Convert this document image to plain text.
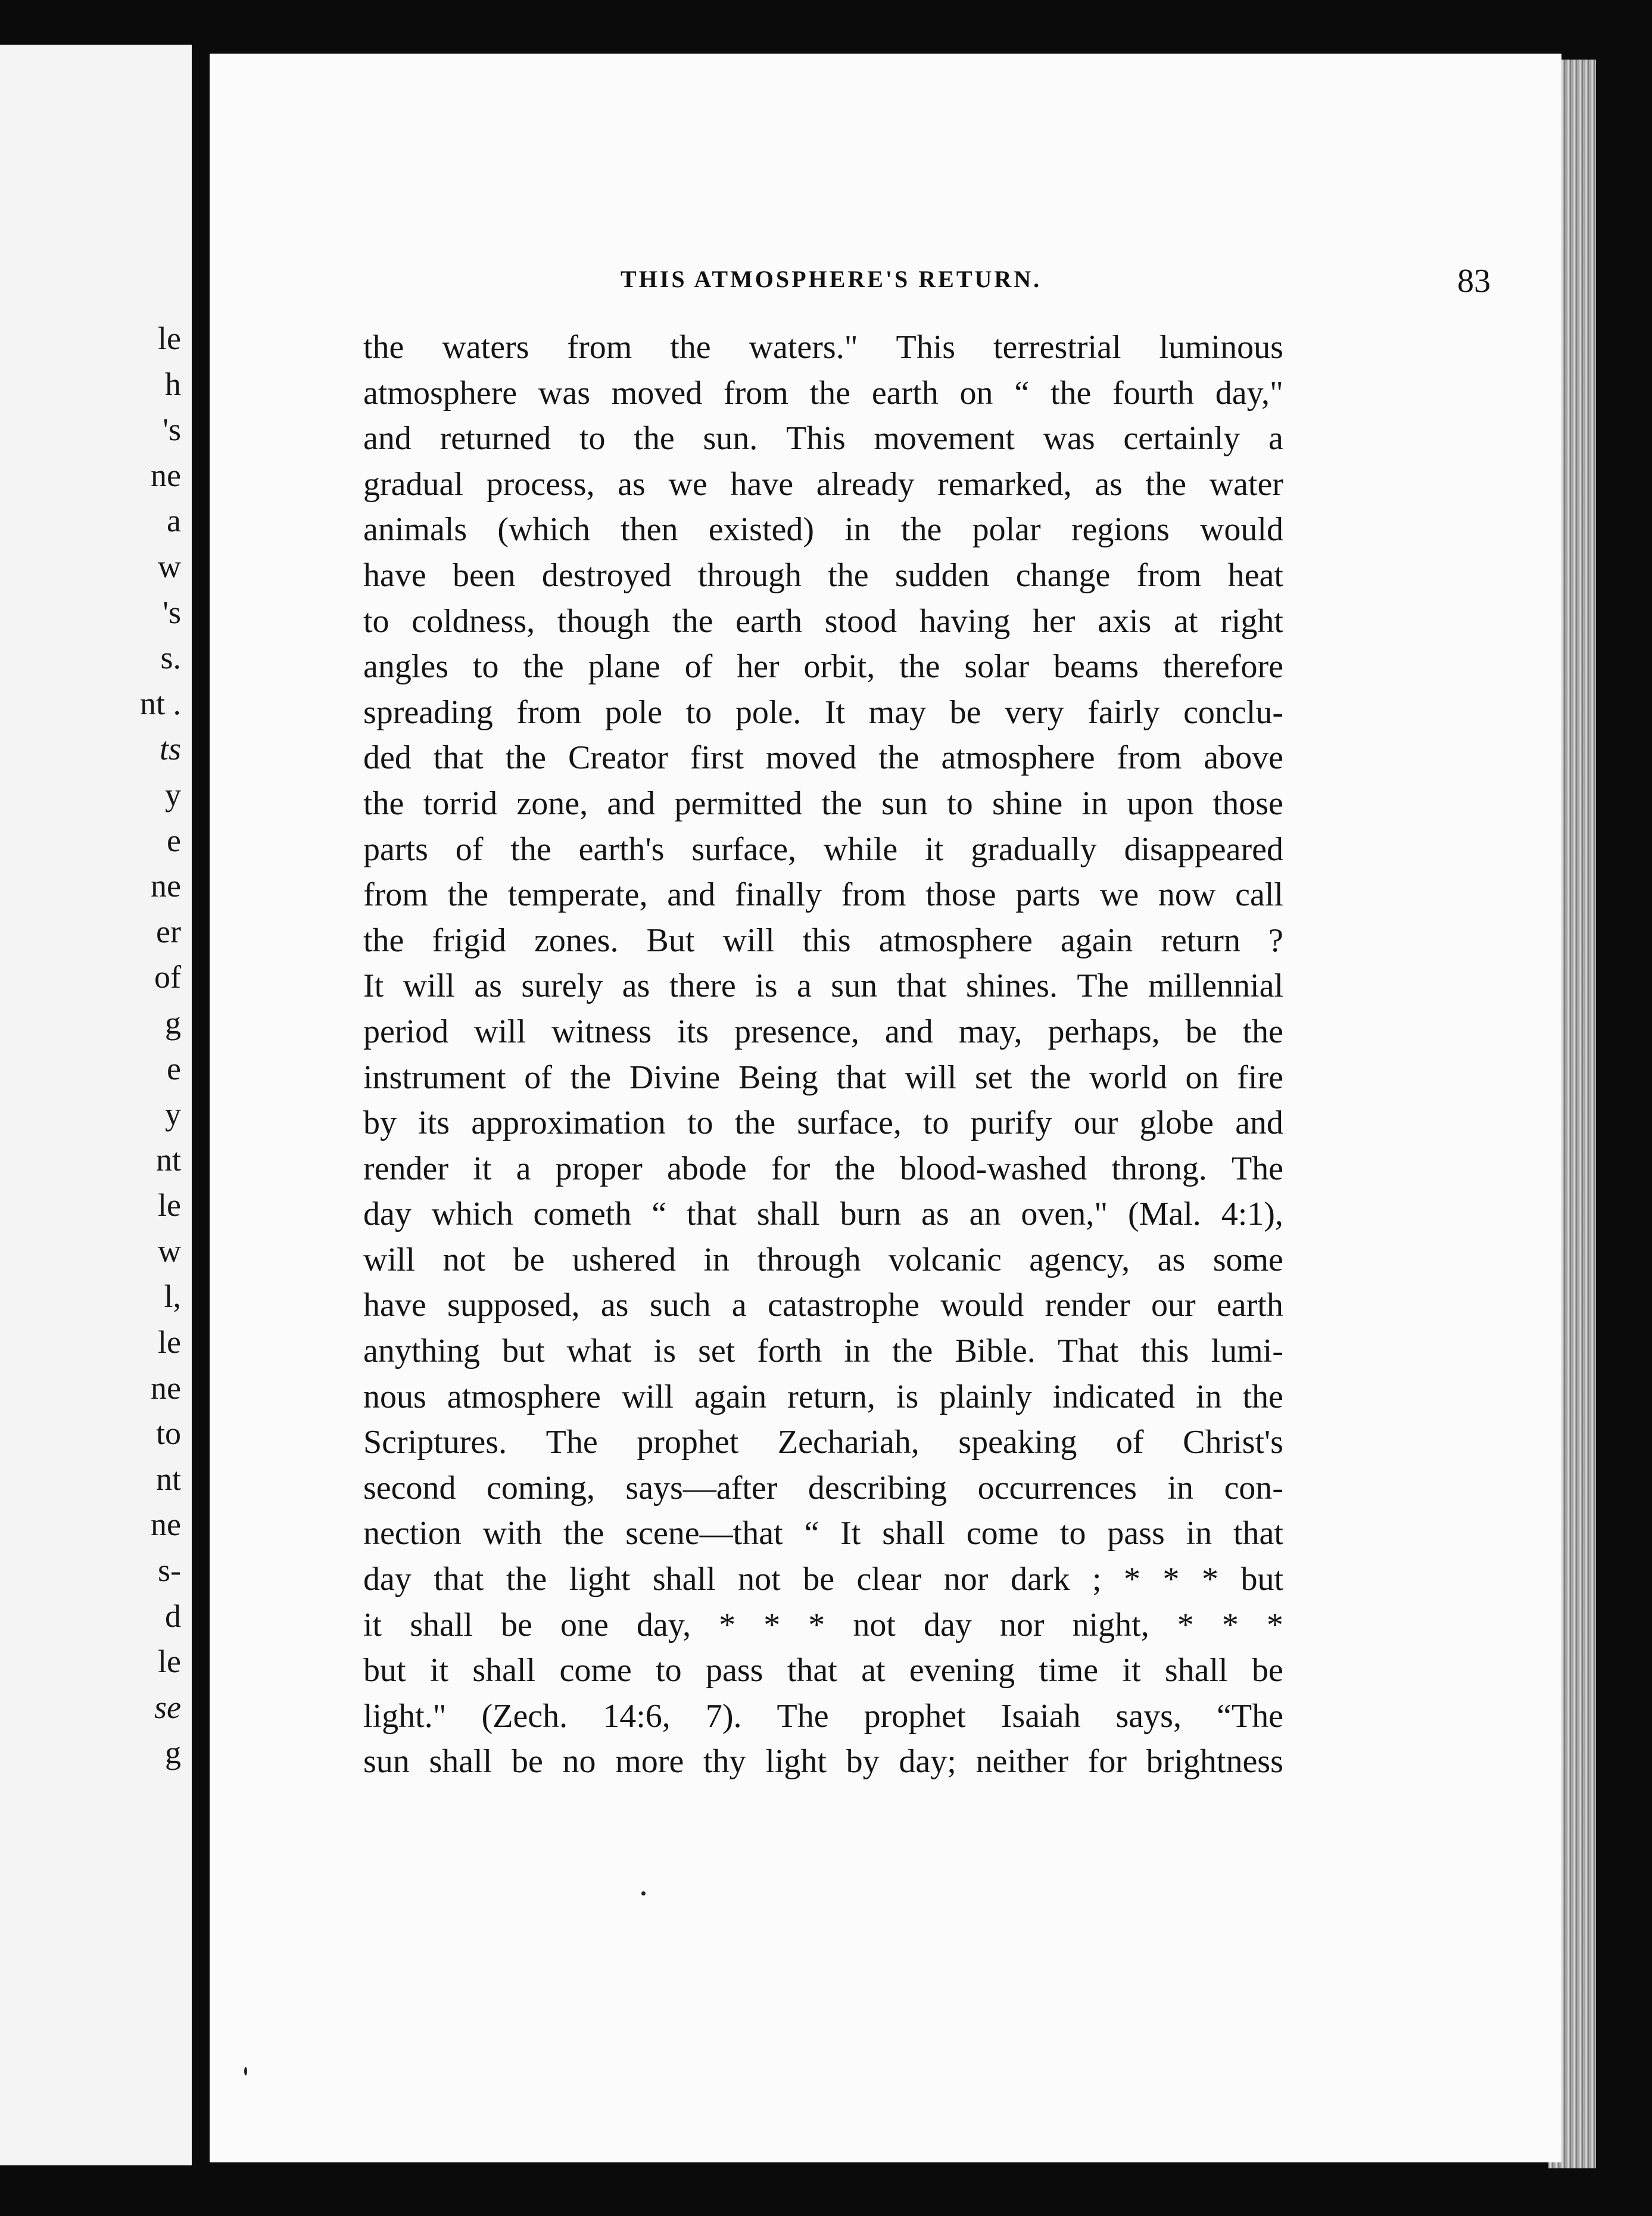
le
h
's
ne
a
w
's
s.
nt .
ts
y
e
ne
er
of
g
e
y
nt
le
w
l,
le
ne
to
nt
ne
s-
d
le
se
g
THIS ATMOSPHERE'S RETURN.	83
the waters from the waters." This terrestrial luminous
atmosphere was moved from the earth on “ the fourth day,"
and returned to the sun. This movement was certainly a
gradual process, as we have already remarked, as the water
animals (which then existed) in the polar regions would
have been destroyed through the sudden change from heat
to coldness, though the earth stood having her axis at right
angles to the plane of her orbit, the solar beams therefore
spreading from pole to pole. It may be very fairly conclu-
ded that the Creator first moved the atmosphere from above
the torrid zone, and permitted the sun to shine in upon those
parts of the earth's surface, while it gradually disappeared
from the temperate, and finally from those parts we now call
the frigid zones. But will this atmosphere again return ?
It will as surely as there is a sun that shines. The millennial
period will witness its presence, and may, perhaps, be the
instrument of the Divine Being that will set the world on fire
by its approximation to the surface, to purify our globe and
render it a proper abode for the blood-washed throng. The
day which cometh “ that shall burn as an oven," (Mal. 4:1),
will not be ushered in through volcanic agency, as some
have supposed, as such a catastrophe would render our earth
anything but what is set forth in the Bible. That this lumi-
nous atmosphere will again return, is plainly indicated in the
Scriptures. The prophet Zechariah, speaking of Christ's
second coming, says—after describing occurrences in con-
nection with the scene—that “ It shall come to pass in that
day that the light shall not be clear nor dark ; * * * but
it shall be one day, * * * not day nor night, * * *
but it shall come to pass that at evening time it shall be
light." (Zech. 14:6, 7). The prophet Isaiah says, “The
sun shall be no more thy light by day; neither for brightness
